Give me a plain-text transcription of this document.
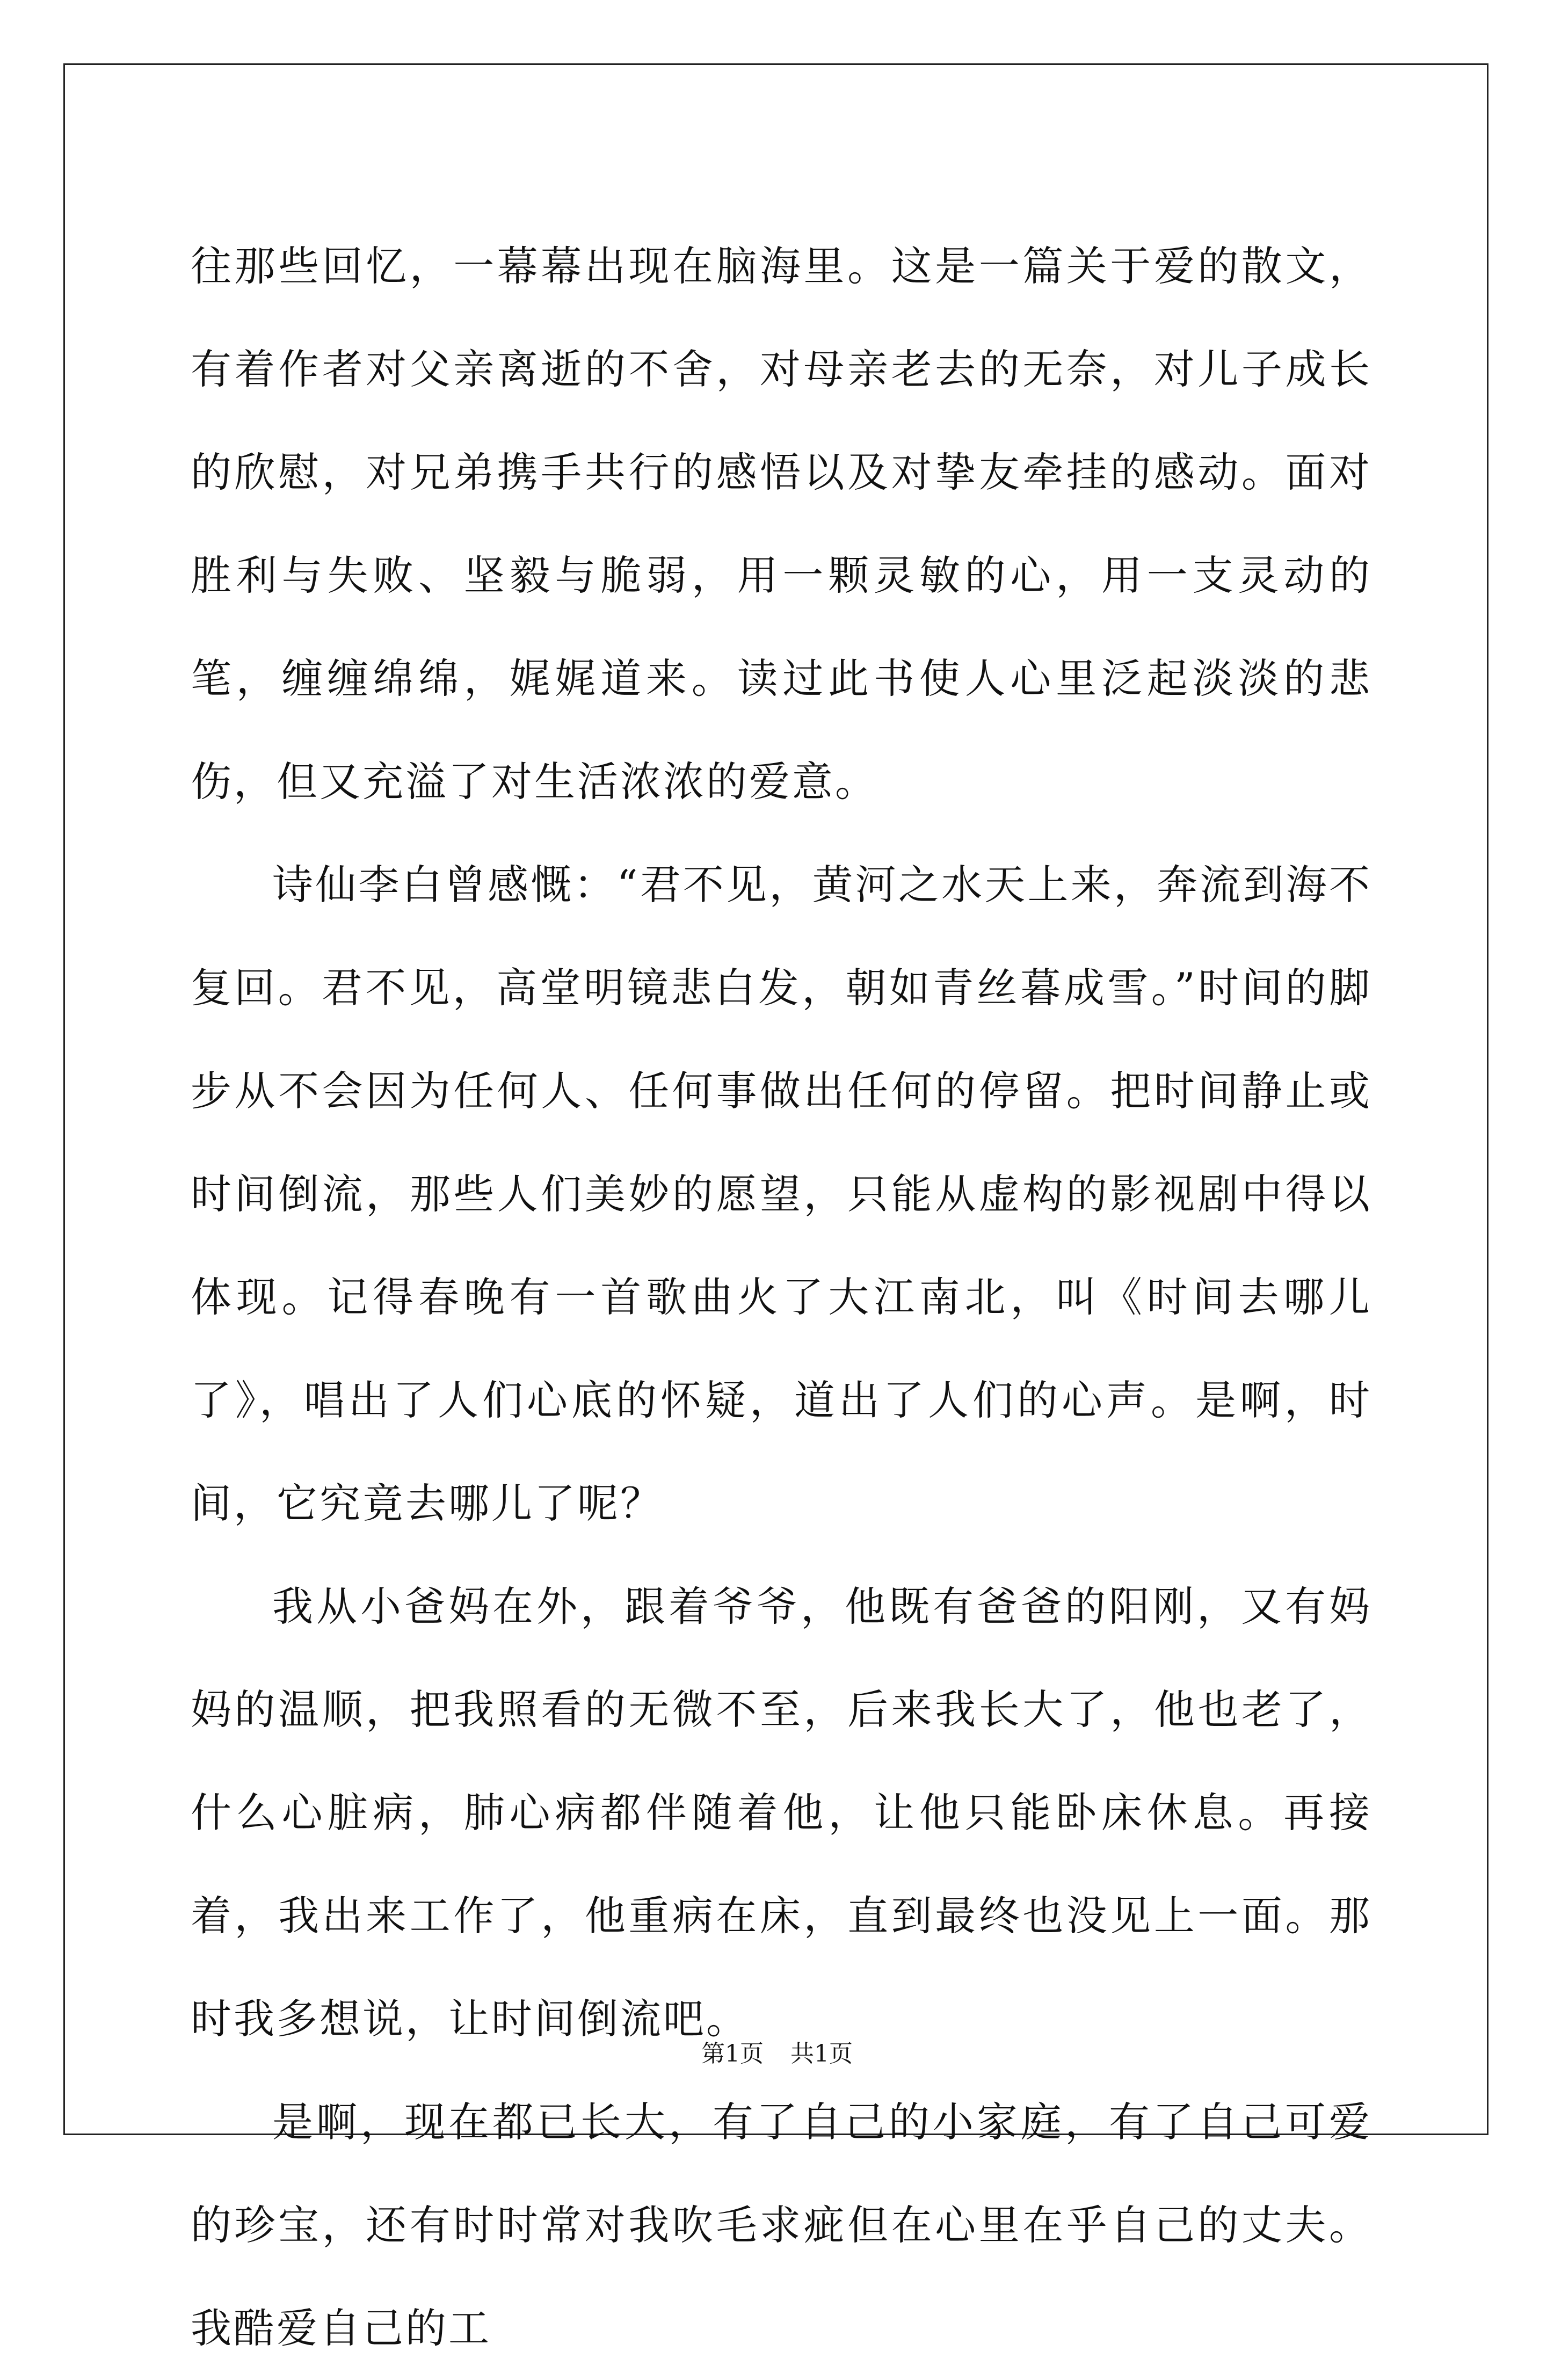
往那些回忆，一幕幕出现在脑海里。这是一篇关于爱的散文，有着作者对父亲离逝的不舍，对母亲老去的无奈，对儿子成长的欣慰，对兄弟携手共行的感悟以及对挚友牵挂的感动。面对胜利与失败、坚毅与脆弱，用一颗灵敏的心，用一支灵动的笔，缠缠绵绵，娓娓道来。读过此书使人心里泛起淡淡的悲伤，但又充溢了对生活浓浓的爱意。

诗仙李白曾感慨：“君不见，黄河之水天上来，奔流到海不复回。君不见，高堂明镜悲白发，朝如青丝暮成雪。”时间的脚步从不会因为任何人、任何事做出任何的停留。把时间静止或时间倒流，那些人们美妙的愿望，只能从虚构的影视剧中得以体现。记得春晚有一首歌曲火了大江南北，叫《时间去哪儿了》，唱出了人们心底的怀疑，道出了人们的心声。是啊，时间，它究竟去哪儿了呢？

我从小爸妈在外，跟着爷爷，他既有爸爸的阳刚，又有妈妈的温顺，把我照看的无微不至，后来我长大了，他也老了，什么心脏病，肺心病都伴随着他，让他只能卧床休息。再接着，我出来工作了，他重病在床，直到最终也没见上一面。那时我多想说，让时间倒流吧。

是啊，现在都已长大，有了自己的小家庭，有了自己可爱的珍宝，还有时时常对我吹毛求疵但在心里在乎自己的丈夫。我酷爱自己的工

第1页 共1页
